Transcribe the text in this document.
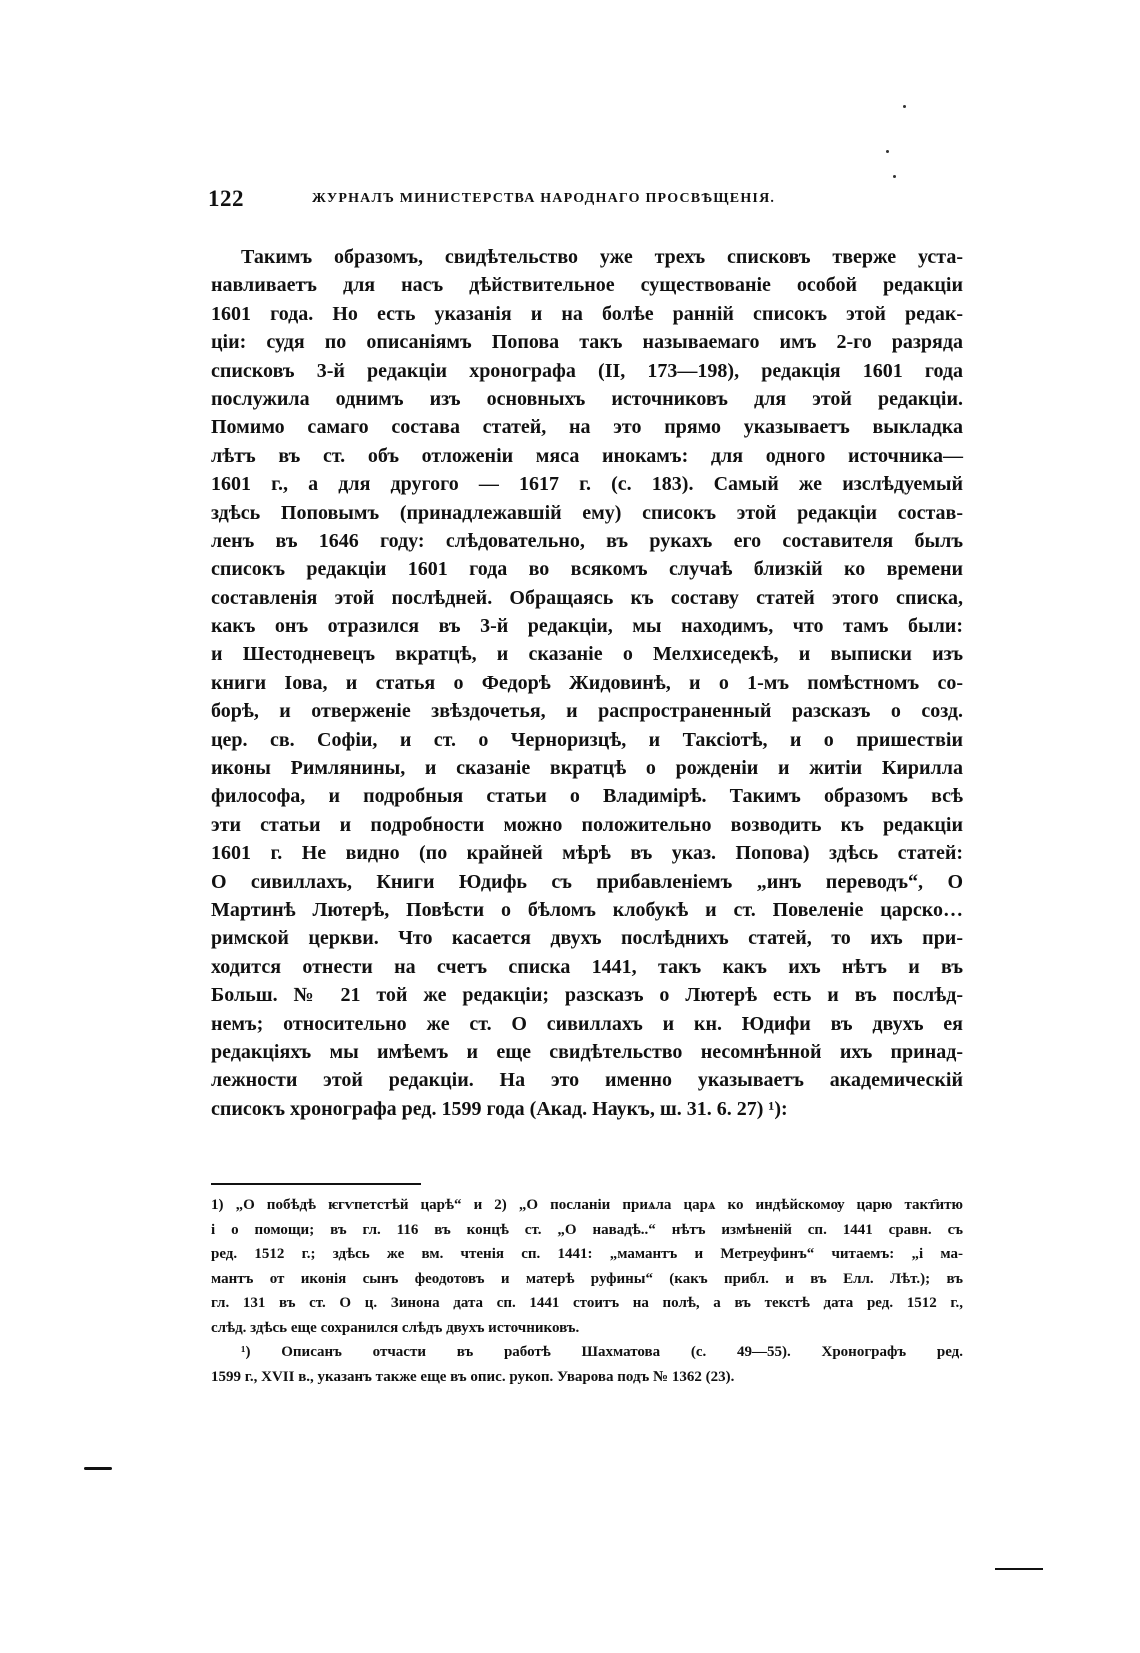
122	ЖУРНАЛЪ МИНИСТЕРСТВА НАРОДНАГО ПРОСВѢЩЕНІЯ.
Такимъ образомъ, свидѣтельство уже трехъ списковъ тверже уста-
навливаетъ для насъ дѣйствительное существованіе особой редакціи
1601 года. Но есть указанія и на болѣе раннiй списокъ этой редак-
ціи: судя по описаніямъ Попова такъ называемаго имъ 2-го разряда
списковъ 3-й редакціи хронографа (II, 173—198), редакція 1601 года
послужила однимъ изъ основныхъ источниковъ для этой редакціи.
Помимо самаго состава статей, на это прямо указываетъ выкладка
лѣтъ въ ст. объ отложеніи мяса инокамъ: для одного источника—
1601 г., а для другого — 1617 г. (с. 183). Самый же изслѣдуемый
здѣсь Поповымъ (принадлежавшій ему) списокъ этой редакціи состав-
ленъ въ 1646 году: слѣдовательно, въ рукахъ его составителя былъ
списокъ редакціи 1601 года во всякомъ случаѣ близкій ко времени
составленія этой послѣдней. Обращаясь къ составу статей этого списка,
какъ онъ отразился въ 3-й редакціи, мы находимъ, что тамъ были:
и Шестодневецъ вкратцѣ, и сказаніе о Мелхиседекѣ, и выписки изъ
книги Іова, и статья о Федорѣ Жидовинѣ, и о 1-мъ помѣстномъ со-
борѣ, и отверженіе звѣздочетья, и распространенный разсказъ о созд.
цер. св. Софіи, и ст. о Черноризцѣ, и Таксіотѣ, и о пришествіи
иконы Римлянины, и сказаніе вкратцѣ о рожденіи и житіи Кирилла
философа, и подробныя статьи о Владимірѣ. Такимъ образомъ всѣ
эти статьи и подробности можно положительно возводить къ редакціи
1601 г. Не видно (по крайней мѣрѣ въ указ. Попова) здѣсь статей:
О сивиллахъ, Книги Юдифь съ прибавленіемъ „инъ переводъ“, О
Мартинѣ Лютерѣ, Повѣсти о бѣломъ клобукѣ и ст. Повеленіе царско…
римской церкви. Что касается двухъ послѣднихъ статей, то ихъ при-
ходится отнести на счетъ списка 1441, такъ какъ ихъ нѣтъ и въ
Больш. № 21 той же редакціи; разсказъ о Лютерѣ есть и въ послѣд-
немъ; относительно же ст. О сивиллахъ и кн. Юдифи въ двухъ ея
редакціяхъ мы имѣемъ и еще свидѣтельство несомнѣнной ихъ принад-
лежности этой редакціи. На это именно указываетъ академическій
списокъ хронографа ред. 1599 года (Акад. Наукъ, ш. 31. 6. 27) ¹):
1) „О побѣдѣ ѥгѵпетстѣй царѣ“ и 2) „О посланіи приѧла царѧ ко индѣйскомѹ царю такт҄итю
і о помощи; въ гл. 116 въ концѣ ст. „О навадѣ..“ нѣтъ измѣненій сп. 1441 сравн. съ
ред. 1512 г.; здѣсь же вм. чтенія сп. 1441: „мамантъ и Метреуфинъ“ читаемъ: „і ма-
мантъ от иконія сынъ феодотовъ и матерѣ руфины“ (какъ прибл. и въ Елл. Лѣт.); въ
гл. 131 въ ст. О ц. Зинона дата сп. 1441 стоитъ на полѣ, а въ текстѣ дата ред. 1512 г.,
слѣд. здѣсь еще сохранился слѣдъ двухъ источниковъ.
¹) Описанъ отчасти въ работѣ Шахматова (с. 49—55). Хронографъ ред.
1599 г., XVII в., указанъ также еще въ опис. рукоп. Уварова подъ № 1362 (23).
